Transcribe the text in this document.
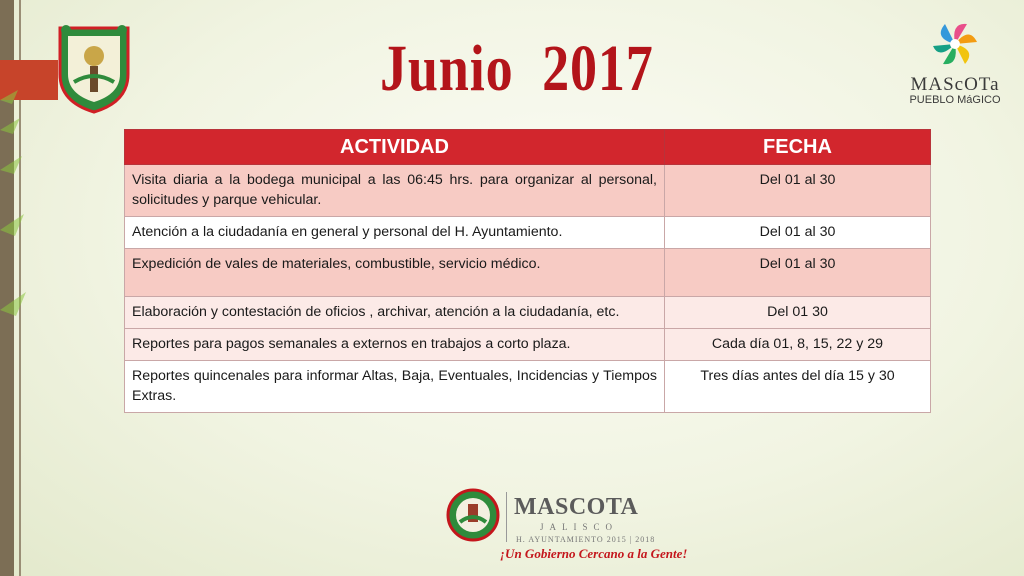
Junio  2017	MAScOTa
PUEBLO MáGICO
ACTIVIDAD	FECHA
Visita diaria a la bodega municipal a las 06:45 hrs. para organizar al personal, solicitudes y parque vehicular.	Del 01 al 30
Atención a la ciudadanía en general y personal del H. Ayuntamiento.	Del 01 al 30
Expedición de vales de materiales, combustible, servicio médico.	Del 01 al 30
Elaboración y contestación de oficios , archivar, atención a la ciudadanía, etc.	Del 01 30
Reportes para pagos semanales a externos en trabajos a corto plaza.	Cada día 01, 8, 15, 22 y 29
Reportes quincenales para informar Altas, Baja, Eventuales, Incidencias y Tiempos Extras.	Tres días antes del día 15 y 30
MASCOTA
JALISCO
H. AYUNTAMIENTO 2015 | 2018
¡Un Gobierno Cercano a la Gente!
